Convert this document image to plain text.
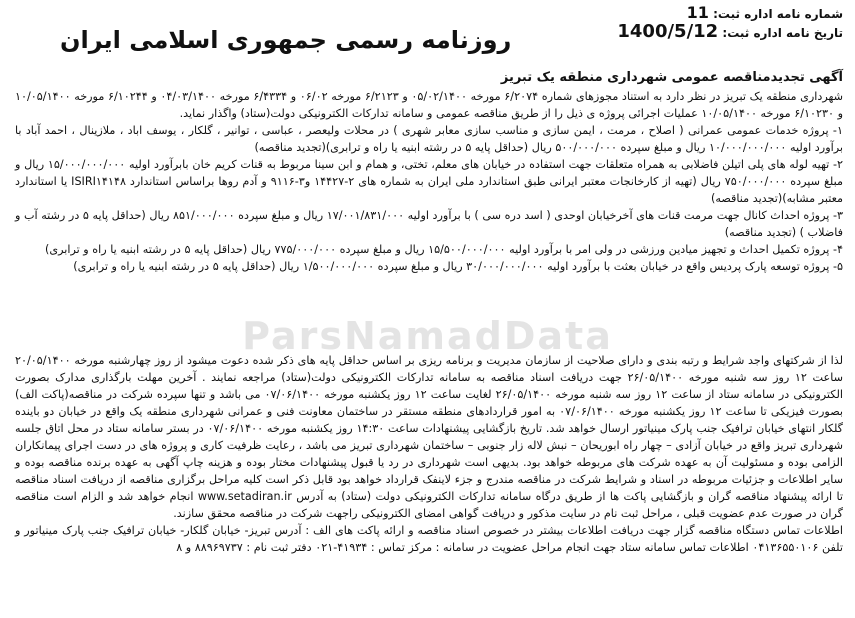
شماره نامه اداره ثبت: 11
تاریخ نامه اداره ثبت: 1400/5/12
روزنامه رسمی جمهوری اسلامی ایران
آگهی تجدیدمناقصه عمومی شهرداری منطقه یک تبریز
ParsNamadData

شهرداری منطقه یک تبریز در نظر دارد به استناد مجوزهای شماره ۶/۲۰۷۴ مورخه ۰۵/۰۲/۱۴۰۰ و ۶/۲۱۲۳ مورخه ۰۶/۰۲ و ۶/۴۳۳۴ مورخه ۰۴/۰۳/۱۴۰۰ و ۶/۱۰۲۴۴ مورخه ۱۰/۰۵/۱۴۰۰ و ۶/۱۰۲۳۰ مورخه ۱۰/۰۵/۱۴۰۰ عملیات اجرائی پروژه ی ذیل را از طریق مناقصه عمومی و سامانه تدارکات الکترونیکی دولت(ستاد) واگذار نماید.

۱- پروژه خدمات عمومی عمرانی ( اصلاح ، مرمت ، ایمن سازی و مناسب سازی معابر شهری ) در محلات ولیعصر ، عباسی ، توانیر ، گلکار ، یوسف اباد ، ملازینال ، احمد آباد با برآورد اولیه ۱۰/۰۰۰/۰۰۰/۰۰۰ ریال و مبلغ سپرده ۵۰۰/۰۰۰/۰۰۰ ریال (حداقل پایه ۵ در رشته ابنیه یا راه و ترابری)(تجدید مناقصه)

۲- تهیه لوله های پلی اتیلن فاضلابی به همراه متعلقات جهت استفاده در خیابان های معلم، تختی، و همام و ابن سینا مربوط به قنات کریم خان بابرآورد اولیه ۱۵/۰۰۰/۰۰۰/۰۰۰ ریال و مبلغ سپرده ۷۵۰/۰۰۰/۰۰۰ ریال (تهیه از کارخانجات معتبر ایرانی طبق استاندارد ملی ایران به شماره های ۲-۱۴۴۲۷ و۳-۹۱۱۶ و آدم روها براساس استاندارد ISIRI۱۴۱۴۸ یا استاندارد معتبر مشابه)(تجدید مناقصه)

۳- پروژه احداث کانال جهت مرمت قنات های آخرخیابان اوحدی ( اسد دره سی ) با برآورد اولیه ۱۷/۰۰۱/۸۳۱/۰۰۰ ریال و مبلغ سپرده ۸۵۱/۰۰۰/۰۰۰ ریال (حداقل پایه ۵ در رشته آب و فاضلاب ) (تجدید مناقصه)

۴- پروژه تکمیل احداث و تجهیز میادین ورزشی در ولی امر با برآورد اولیه ۱۵/۵۰۰/۰۰۰/۰۰۰ ریال و مبلغ سپرده ۷۷۵/۰۰۰/۰۰۰ ریال (حداقل پایه ۵ در رشته ابنیه یا راه و ترابری)

۵- پروژه توسعه پارک پردیس واقع در خیابان بعثت با برآورد اولیه ۳۰/۰۰۰/۰۰۰/۰۰۰ ریال و مبلغ سپرده ۱/۵۰۰/۰۰۰/۰۰۰ ریال (حداقل پایه ۵ در رشته ابنیه یا راه و ترابری)

لذا از شرکتهای واجد شرایط و رتبه بندی و دارای صلاحیت از سازمان مدیریت و برنامه ریزی بر اساس حداقل پایه های ذکر شده دعوت میشود از روز چهارشنبه مورخه ۲۰/۰۵/۱۴۰۰ ساعت ۱۲ روز سه شنبه مورخه ۲۶/۰۵/۱۴۰۰ جهت دریافت اسناد مناقصه به سامانه تدارکات الکترونیکی دولت(ستاد) مراجعه نمایند . آخرین مهلت بارگذاری مدارک بصورت الکترونیکی در سامانه ستاد از ساعت ۱۲ روز سه شنبه مورخه ۲۶/۰۵/۱۴۰۰ لغایت ساعت ۱۲ روز یکشنبه مورخه ۰۷/۰۶/۱۴۰۰ می باشد و تنها سپرده شرکت در مناقصه(پاکت الف) بصورت فیزیکی تا ساعت ۱۲ روز یکشنبه مورخه ۰۷/۰۶/۱۴۰۰ به امور قراردادهای منطقه مستقر در ساختمان معاونت فنی و عمرانی شهرداری منطقه یک واقع در خیابان دو باینده گلکار انتهای خیابان ترافیک جنب پارک مینیاتور ارسال خواهد شد. تاریخ بازگشایی پیشنهادات ساعت ۱۴:۳۰ روز یکشنبه مورخه ۰۷/۰۶/۱۴۰۰ در بستر سامانه ستاد در محل اتاق جلسه شهرداری تبریز واقع در خیابان آزادی – چهار راه ابوریحان – نبش لاله زار جنوبی – ساختمان شهرداری تبریز می باشد ، رعایت ظرفیت کاری و پروژه های در دست اجرای پیمانکاران الزامی بوده و مسئولیت آن به عهده شرکت های مربوطه خواهد بود. بدیهی است شهرداری در رد یا قبول پیشنهادات مختار بوده و هزینه چاپ آگهی به عهده برنده مناقصه بوده و سایر اطلاعات و جزئیات مربوطه در اسناد و شرایط شرکت در مناقصه مندرج و جزء لاینفک قرارداد خواهد بود قابل ذکر است کلیه مراحل برگزاری مناقصه از دریافت اسناد مناقصه تا ارائه پیشنهاد مناقصه گران و بازگشایی پاکت ها از طریق درگاه سامانه تدارکات الکترونیکی دولت (ستاد) به آدرس www.setadiran.ir انجام خواهد شد و الزام است مناقصه گران در صورت عدم عضویت قبلی ، مراحل ثبت نام در سایت مذکور و دریافت گواهی امضای الکترونیکی راجهت شرکت در مناقصه محقق سازند.

اطلاعات تماس دستگاه مناقصه گزار جهت دریافت اطلاعات بیشتر در خصوص اسناد مناقصه و ارائه پاکت های الف : آدرس تبریز- خیابان گلکار- خیابان ترافیک جنب پارک مینیاتور و تلفن ۰۴۱۳۶۵۵۰۱۰۶ اطلاعات تماس سامانه ستاد جهت انجام مراحل عضویت در سامانه : مرکز تماس : ۴۱۹۳۴-۰۲۱ دفتر ثبت نام : ۸۸۹۶۹۷۳۷ و ۸
